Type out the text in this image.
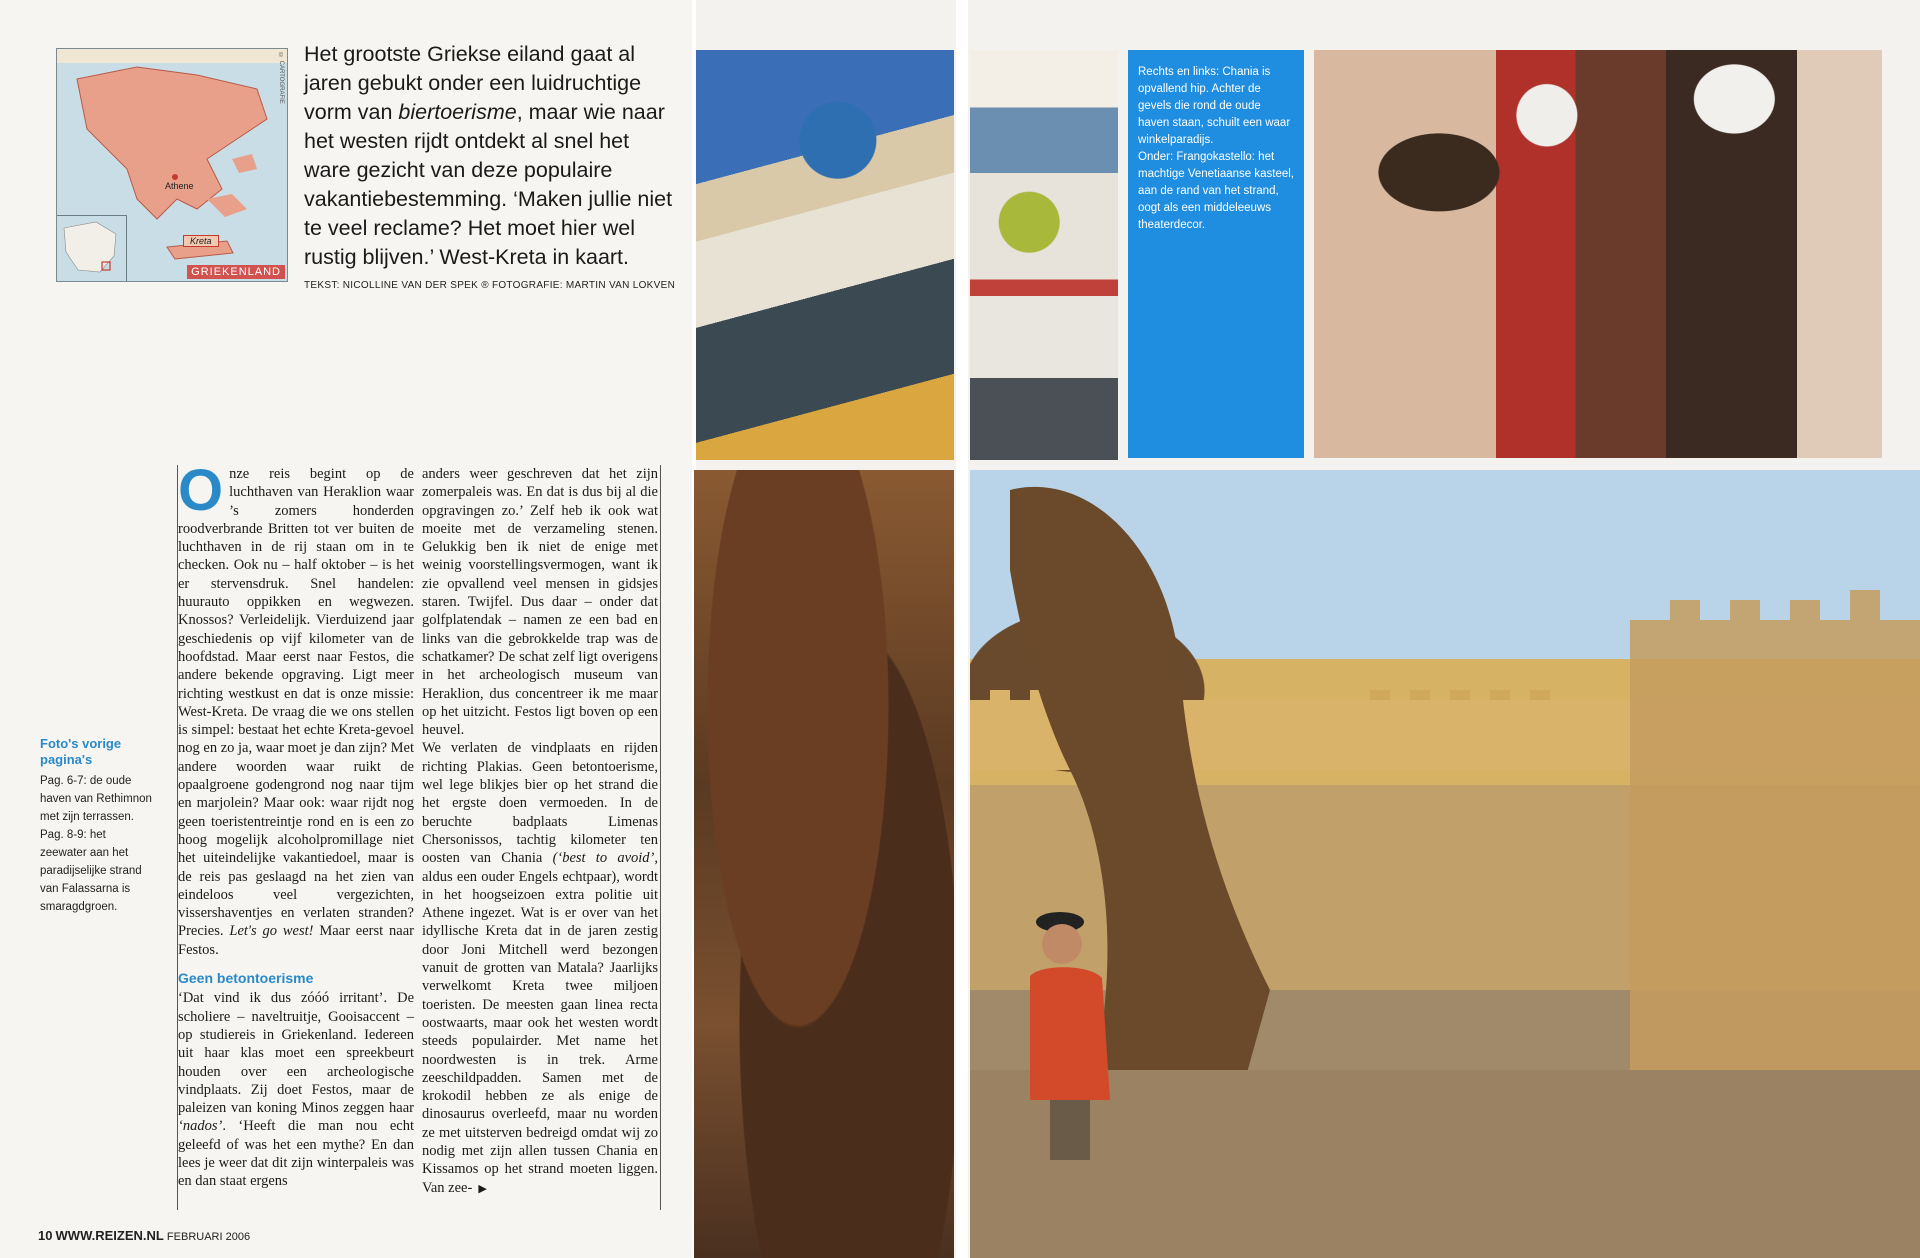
Athene
Kreta
© CARTOGRAFIE
GRIEKENLAND

Het grootste Griekse eiland gaat al jaren gebukt onder een luidruchtige vorm van biertoerisme, maar wie naar het westen rijdt ontdekt al snel het ware gezicht van deze populaire vakantiebestemming. ‘Maken jullie niet te veel reclame? Het moet hier wel rustig blijven.’ West-Kreta in kaart.

TEKST: NICOLLINE VAN DER SPEK ® FOTOGRAFIE: MARTIN VAN LOKVEN

Foto's vorige pagina's

Pag. 6-7: de oude haven van Rethimnon met zijn terrassen. Pag. 8-9: het zeewater aan het paradijselijke strand van Falassarna is smaragdgroen.

Onze reis begint op de luchthaven van Heraklion waar ’s zomers honderden roodverbrande Britten tot ver buiten de luchthaven in de rij staan om in te checken. Ook nu – half oktober – is het er stervensdruk. Snel handelen: huurauto oppikken en wegwezen. Knossos? Verleidelijk. Vierduizend jaar geschiedenis op vijf kilometer van de hoofdstad. Maar eerst naar Festos, die andere bekende opgraving. Ligt meer richting westkust en dat is onze missie: West-Kreta. De vraag die we ons stellen is simpel: bestaat het echte Kreta-gevoel nog en zo ja, waar moet je dan zijn? Met andere woorden waar ruikt de opaalgroene godengrond nog naar tijm en marjolein? Maar ook: waar rijdt nog geen toeristentreintje rond en is een zo hoog mogelijk alcoholpromillage niet het uiteindelijke vakantiedoel, maar is de reis pas geslaagd na het zien van eindeloos veel vergezichten, vissershaventjes en verlaten stranden? Precies. Let's go west! Maar eerst naar Festos.

Geen betontoerisme

‘Dat vind ik dus zóóó irritant’. De scholiere – naveltruitje, Gooisaccent – op studiereis in Griekenland. Iedereen uit haar klas moet een spreekbeurt houden over een archeologische vindplaats. Zij doet Festos, maar de paleizen van koning Minos zeggen haar ‘nados’. ‘Heeft die man nou echt geleefd of was het een mythe? En dan lees je weer dat dit zijn winterpaleis was en dan staat ergens

anders weer geschreven dat het zijn zomerpaleis was. En dat is dus bij al die opgravingen zo.’ Zelf heb ik ook wat moeite met de verzameling stenen. Gelukkig ben ik niet de enige met weinig voorstellingsvermogen, want ik zie opvallend veel mensen in gidsjes staren. Twijfel. Dus daar – onder dat golfplatendak – namen ze een bad en links van die gebrokkelde trap was de schatkamer? De schat zelf ligt overigens in het archeologisch museum van Heraklion, dus concentreer ik me maar op het uitzicht. Festos ligt boven op een heuvel.

We verlaten de vindplaats en rijden richting Plakias. Geen betontoerisme, wel lege blikjes bier op het strand die het ergste doen vermoeden. In de beruchte badplaats Limenas Chersonissos, tachtig kilometer ten oosten van Chania (‘best to avoid’, aldus een ouder Engels echtpaar), wordt in het hoogseizoen extra politie uit Athene ingezet. Wat is er over van het idyllische Kreta dat in de jaren zestig door Joni Mitchell werd bezongen vanuit de grotten van Matala? Jaarlijks verwelkomt Kreta twee miljoen toeristen. De meesten gaan linea recta oostwaarts, maar ook het westen wordt steeds populairder. Met name het noordwesten is in trek. Arme zeeschildpadden. Samen met de krokodil hebben ze als enige de dinosaurus overleefd, maar nu worden ze met uitsterven bedreigd omdat wij zo nodig met zijn allen tussen Chania en Kissamos op het strand moeten liggen. Van zee- ▶

10 WWW.REIZEN.NL FEBRUARI 2006

Rechts en links: Chania is opvallend hip. Achter de gevels die rond de oude haven staan, schuilt een waar winkelparadijs.

Onder: Frangokastello: het machtige Venetiaanse kasteel, aan de rand van het strand, oogt als een middeleeuws theaterdecor.
